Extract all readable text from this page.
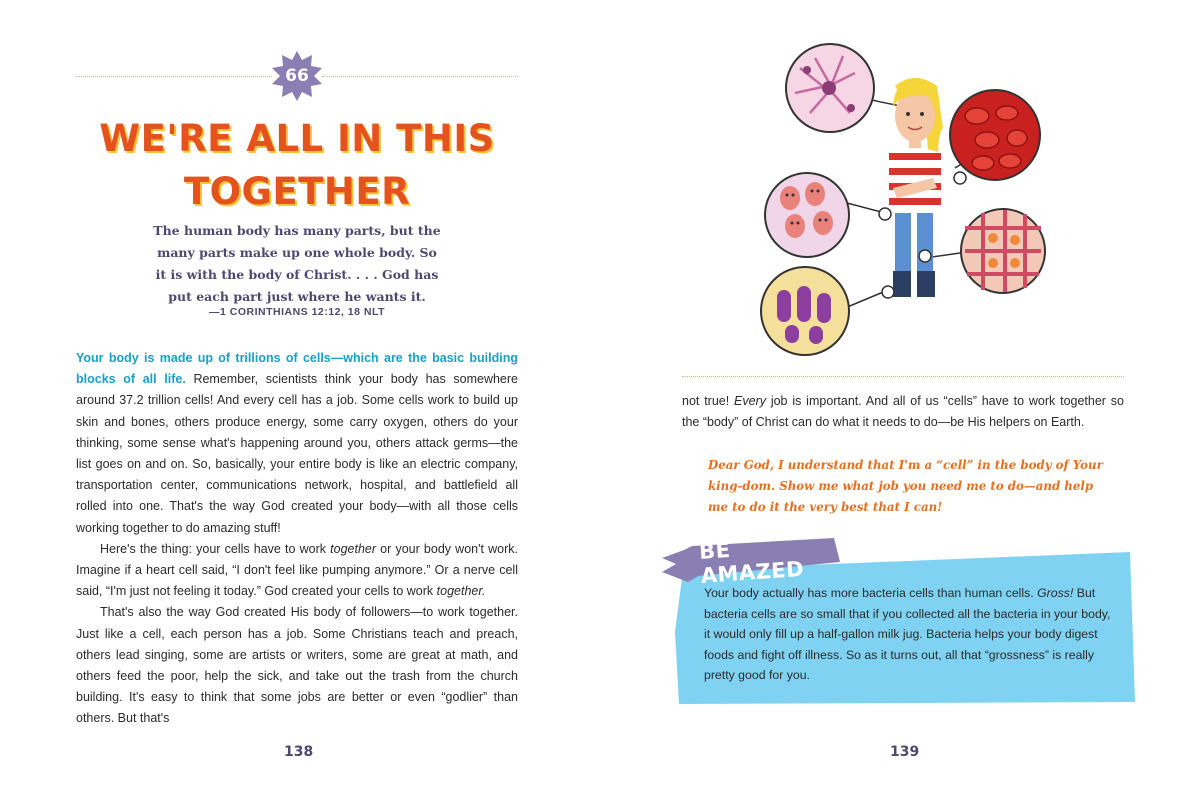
66
WE'RE ALL IN THIS
TOGETHER
The human body has many parts, but the many parts make up one whole body. So it is with the body of Christ. . . . God has put each part just where he wants it.
—1 CORINTHIANS 12:12, 18 NLT

Your body is made up of trillions of cells—which are the basic building blocks of all life. Remember, scientists think your body has somewhere around 37.2 trillion cells! And every cell has a job. Some cells work to build up skin and bones, others produce energy, some carry oxygen, others do your thinking, some sense what's happening around you, others attack germs—the list goes on and on. So, basically, your entire body is like an electric company, transportation center, communications network, hospital, and battlefield all rolled into one. That's the way God created your body—with all those cells working together to do amazing stuff!

Here's the thing: your cells have to work together or your body won't work. Imagine if a heart cell said, “I don't feel like pumping anymore.” Or a nerve cell said, “I'm just not feeling it today.” God created your cells to work together.

That's also the way God created His body of followers—to work together. Just like a cell, each person has a job. Some Christians teach and preach, others lead singing, some are artists or writers, some are great at math, and others feed the poor, help the sick, and take out the trash from the church building. It's easy to think that some jobs are better or even “godlier” than others. But that's

138

not true! Every job is important. And all of us “cells” have to work together so the “body” of Christ can do what it needs to do—be His helpers on Earth.

Dear God, I understand that I'm a “cell” in the body of Your king-dom. Show me what job you need me to do—and help me to do it the very best that I can!
BE AMAZED
Your body actually has more bacteria cells than human cells. Gross! But bacteria cells are so small that if you collected all the bacteria in your body, it would only fill up a half-gallon milk jug. Bacteria helps your body digest foods and fight off illness. So as it turns out, all that “grossness” is really pretty good for you.
139
